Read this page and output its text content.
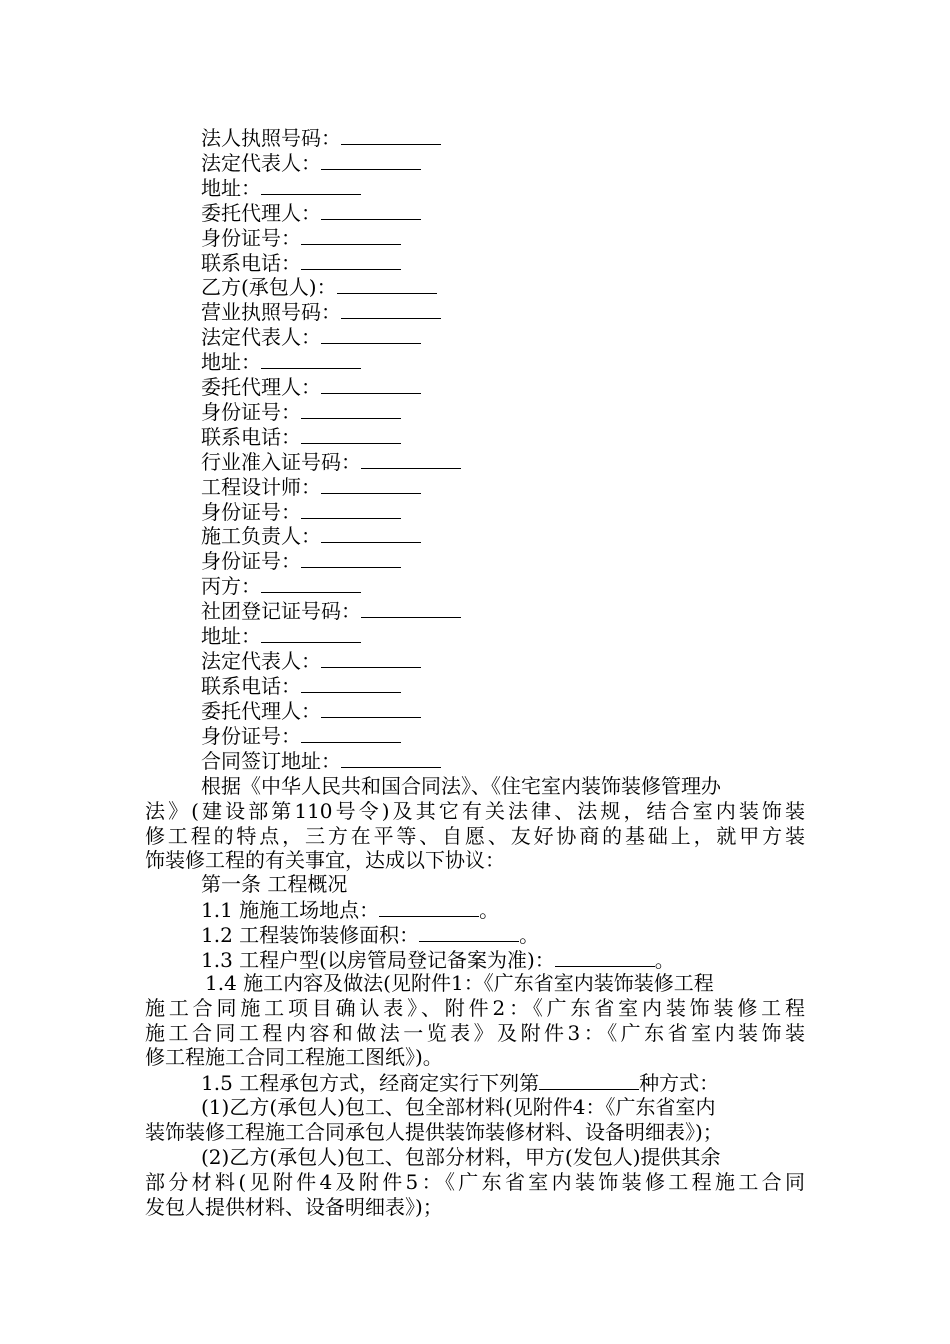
法人执照号码：
法定代表人：
地址：
委托代理人：
身份证号：
联系电话：
乙方(承包人)：
营业执照号码：
法定代表人：
地址：
委托代理人：
身份证号：
联系电话：
行业准入证号码：
工程设计师：
身份证号：
施工负责人：
身份证号：
丙方：
社团登记证号码：
地址：
法定代表人：
联系电话：
委托代理人：
身份证号：
合同签订地址：
根据《中华人民共和国合同法》、《住宅室内装饰装修管理办
法》(建设部第110号令)及其它有关法律、法规，结合室内装饰装
修工程的特点，三方在平等、自愿、友好协商的基础上，就甲方装
饰装修工程的有关事宜，达成以下协议：
第一条 工程概况
1.1 施施工场地点：	。
1.2 工程装饰装修面积：	。
1.3 工程户型(以房管局登记备案为准)：	。
1.4 施工内容及做法(见附件1：《广东省室内装饰装修工程
施工合同施工项目确认表》、附件2：《广东省室内装饰装修工程
施工合同工程内容和做法一览表》及附件3：《广东省室内装饰装
修工程施工合同工程施工图纸》)。
1.5 工程承包方式，经商定实行下列第	种方式：
(1)乙方(承包人)包工、包全部材料(见附件4：《广东省室内
装饰装修工程施工合同承包人提供装饰装修材料、设备明细表》)；
(2)乙方(承包人)包工、包部分材料，甲方(发包人)提供其余
部分材料(见附件4及附件5：《广东省室内装饰装修工程施工合同
发包人提供材料、设备明细表》)；
